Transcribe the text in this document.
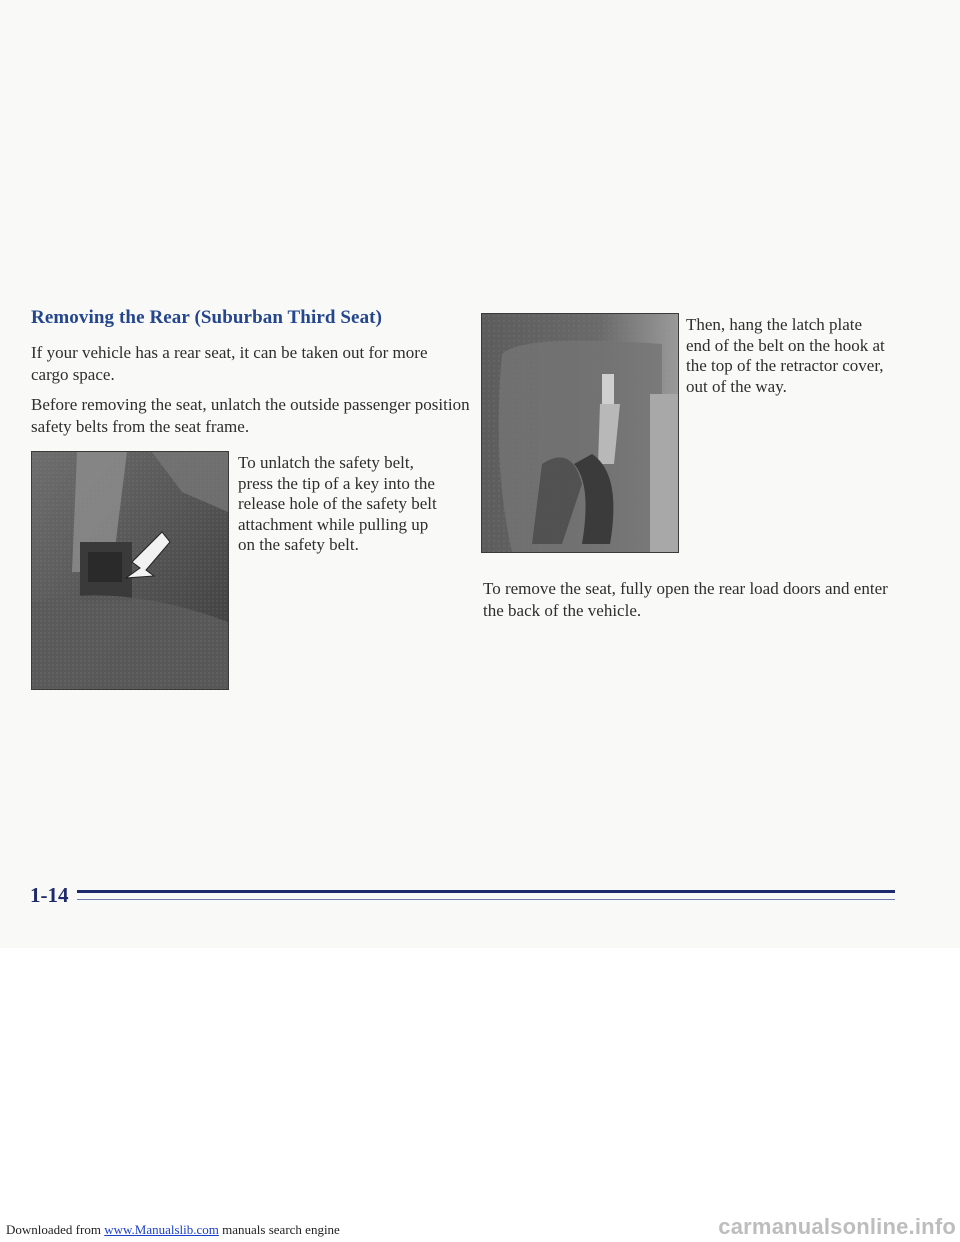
Removing the Rear (Suburban Third Seat)

If your vehicle has a rear seat, it can be taken out for more cargo space.

Before removing the seat, unlatch the outside passenger position safety belts from the seat frame.

To unlatch the safety belt, press the tip of a key into the release hole of the safety belt attachment while pulling up on the safety belt.

Then, hang the latch plate end of the belt on the hook at the top of the retractor cover, out of the way.

To remove the seat, fully open the rear load doors and enter the back of the vehicle.

1-14

Downloaded from www.Manualslib.com manuals search engine	carmanualsonline.info
